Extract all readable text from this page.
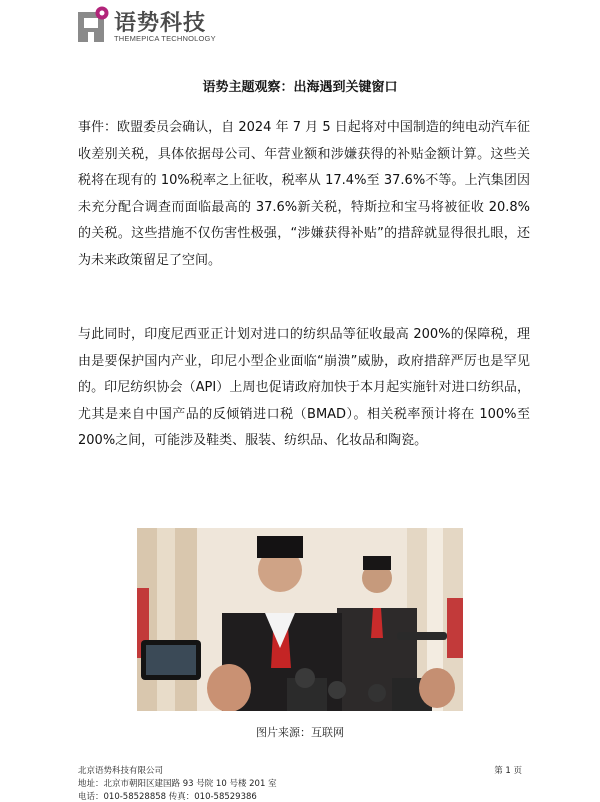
语势科技
THEMEPICA TECHNOLOGY
语势主题观察：出海遇到关键窗口

事件：欧盟委员会确认，自 2024 年 7 月 5 日起将对中国制造的纯电动汽车征收差别关税，具体依据母公司、年营业额和涉嫌获得的补贴金额计算。这些关税将在现有的 10%税率之上征收，税率从 17.4%至 37.6%不等。上汽集团因未充分配合调查而面临最高的 37.6%新关税，特斯拉和宝马将被征收 20.8%的关税。这些措施不仅伤害性极强，“涉嫌获得补贴”的措辞就显得很扎眼，还为未来政策留足了空间。

与此同时，印度尼西亚正计划对进口的纺织品等征收最高 200%的保障税，理由是要保护国内产业，印尼小型企业面临“崩溃”威胁，政府措辞严厉也是罕见的。印尼纺织协会（API）上周也促请政府加快于本月起实施针对进口纺织品，尤其是来自中国产品的反倾销进口税（BMAD）。相关税率预计将在 100%至 200%之间，可能涉及鞋类、服装、纺织品、化妆品和陶瓷。

图片来源：互联网
北京语势科技有限公司
地址：北京市朝阳区建国路 93 号院 10 号楼 201 室
电话：010-58528858 传真：010-58529386
第 1 页
